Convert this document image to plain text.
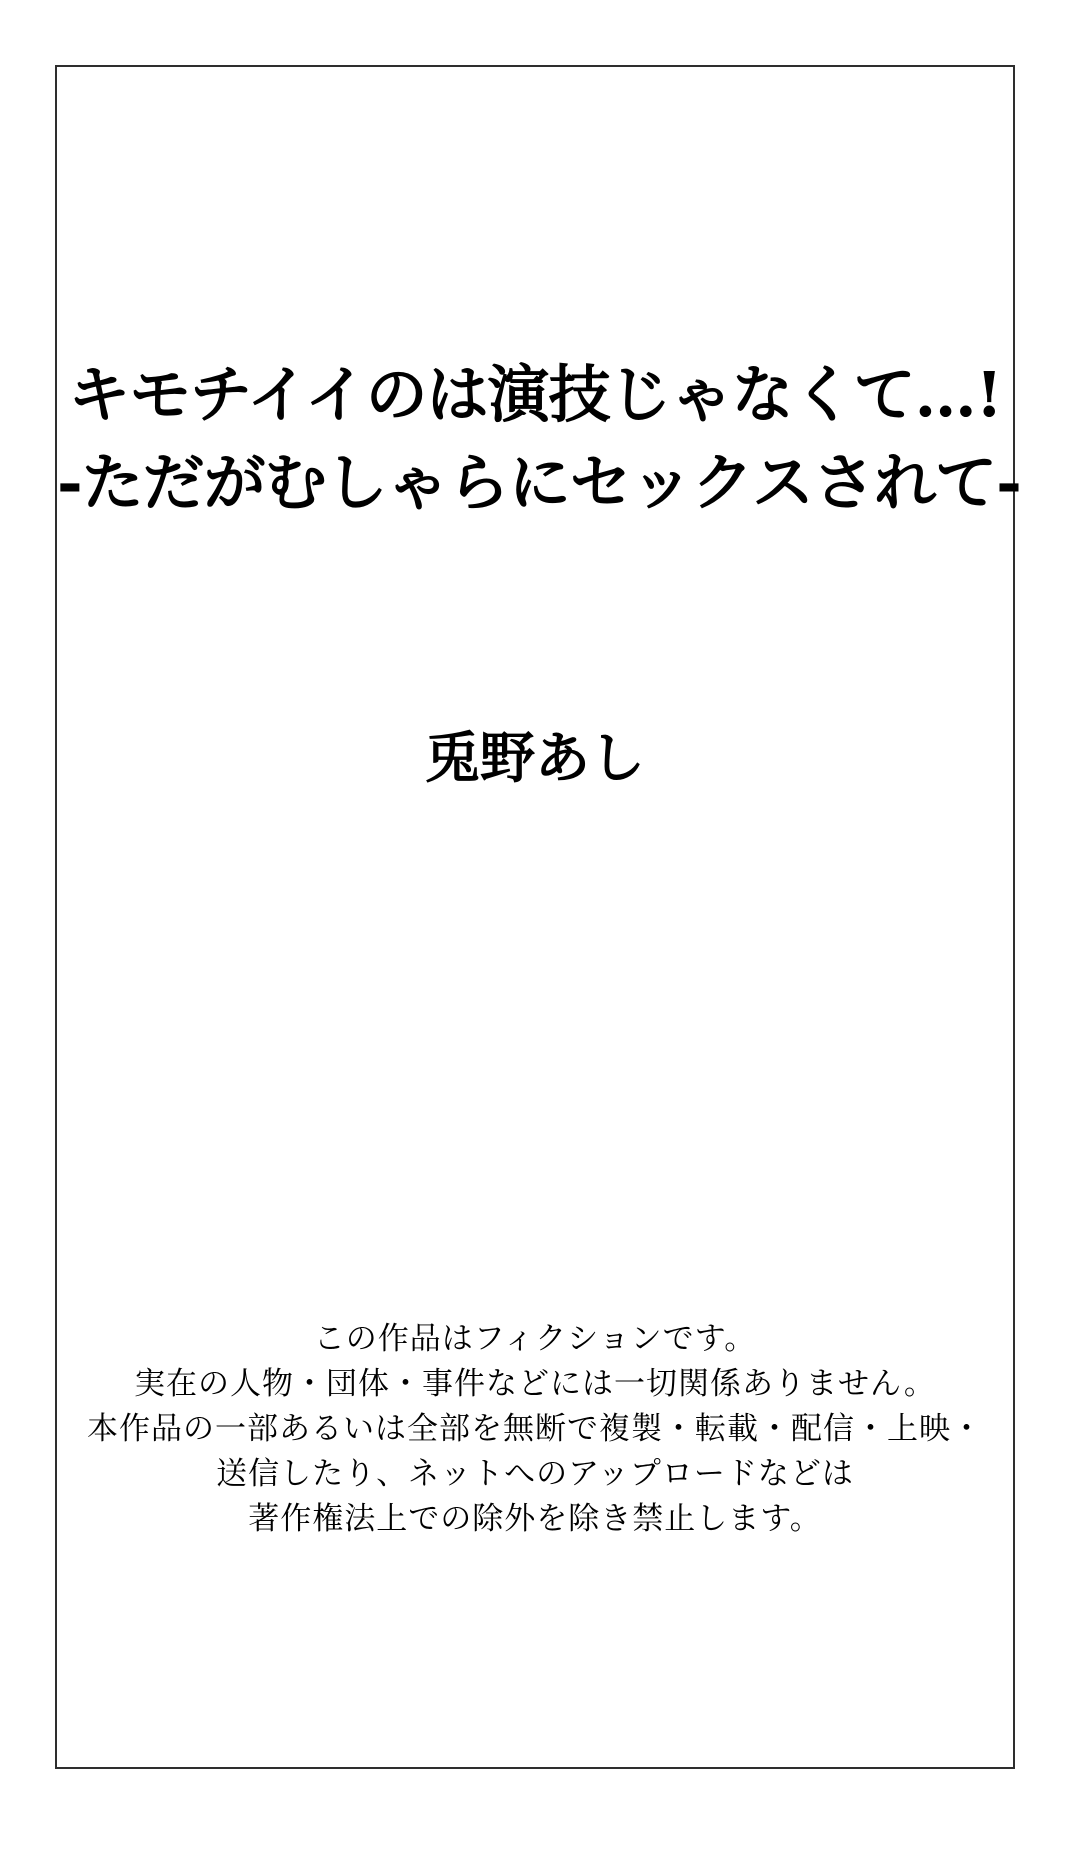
キモチイイのは演技じゃなくて…!
-ただがむしゃらにセックスされて-
兎野あし
この作品はフィクションです。
実在の人物・団体・事件などには一切関係ありません。
本作品の一部あるいは全部を無断で複製・転載・配信・上映・
送信したり、ネットへのアップロードなどは
著作権法上での除外を除き禁止します。
